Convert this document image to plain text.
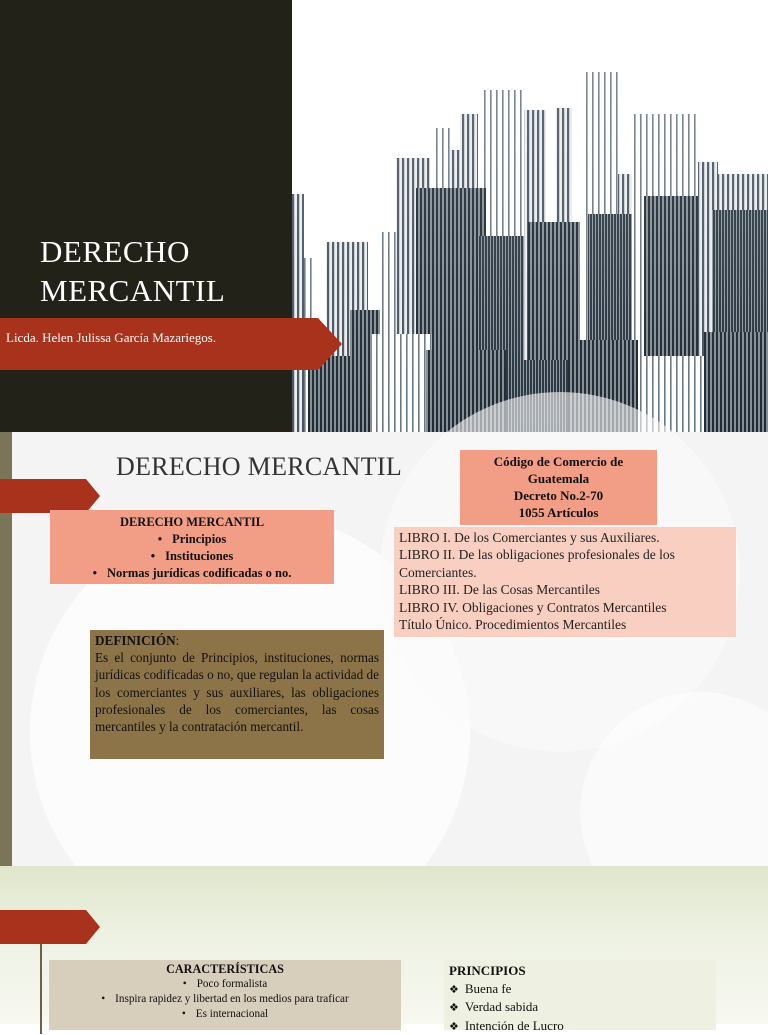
DERECHO
MERCANTIL
Licda. Helen Julissa García Mazariegos.
DERECHO MERCANTIL
DERECHO MERCANTIL
• Principios
• Instituciones
• Normas jurídicas codificadas o no.
Código de Comercio de
Guatemala
Decreto No.2-70
1055 Artículos
LIBRO I. De los Comerciantes y sus Auxiliares.
LIBRO II. De las obligaciones profesionales de los
Comerciantes.
LIBRO III. De las Cosas Mercantiles
LIBRO IV. Obligaciones y Contratos Mercantiles
Título Único. Procedimientos Mercantiles
DEFINICIÓN:
Es el conjunto de Principios, instituciones, normas jurídicas codificadas o no, que regulan la actividad de los comerciantes y sus auxiliares, las obligaciones profesionales de los comerciantes, las cosas mercantiles y la contratación mercantil.
CARACTERÍSTICAS
• Poco formalista
• Inspira rapidez y libertad en los medios para traficar
• Es internacional
PRINCIPIOS
❖ Buena fe
❖ Verdad sabida
❖ Intención de Lucro
